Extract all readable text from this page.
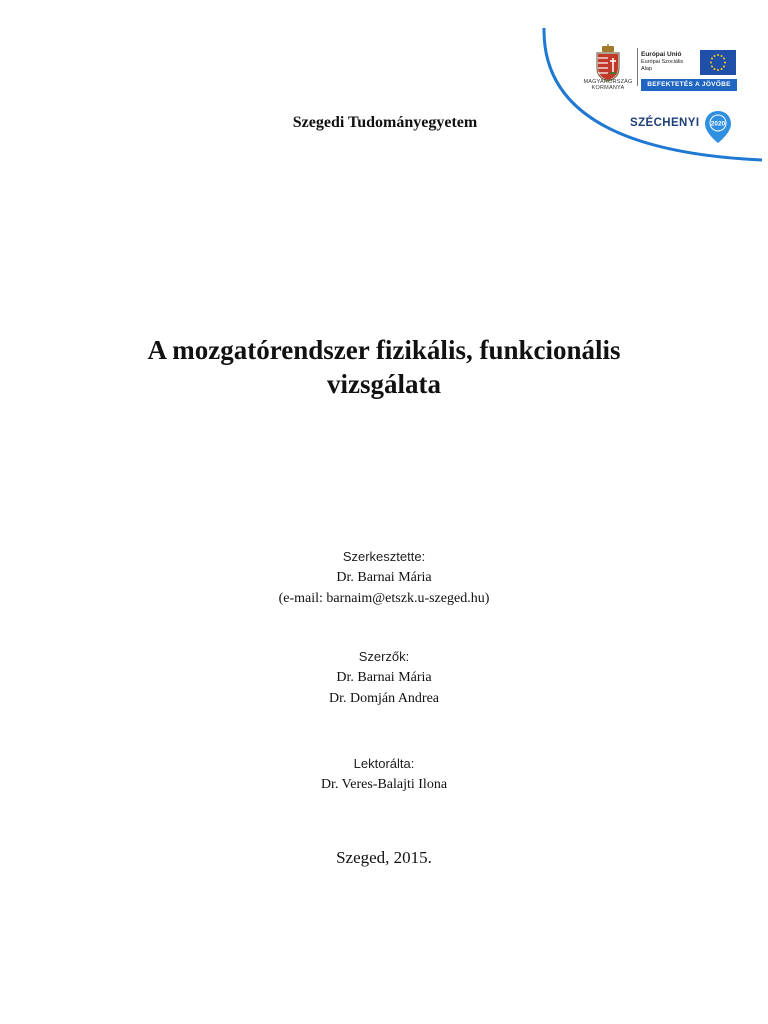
MAGYARORSZÁG
KORMÁNYA
Európai Unió
Európai Szociális
Alap
BEFEKTETÉS A JÖVŐBE
SZÉCHENYI 2020
Szegedi Tudományegyetem
A mozgatórendszer fizikális, funkcionális
vizsgálata
Szerkesztette:
Dr. Barnai Mária
(e-mail: barnaim@etszk.u-szeged.hu)
Szerzők:
Dr. Barnai Mária
Dr. Domján Andrea
Lektorálta:
Dr. Veres-Balajti Ilona
Szeged, 2015.
